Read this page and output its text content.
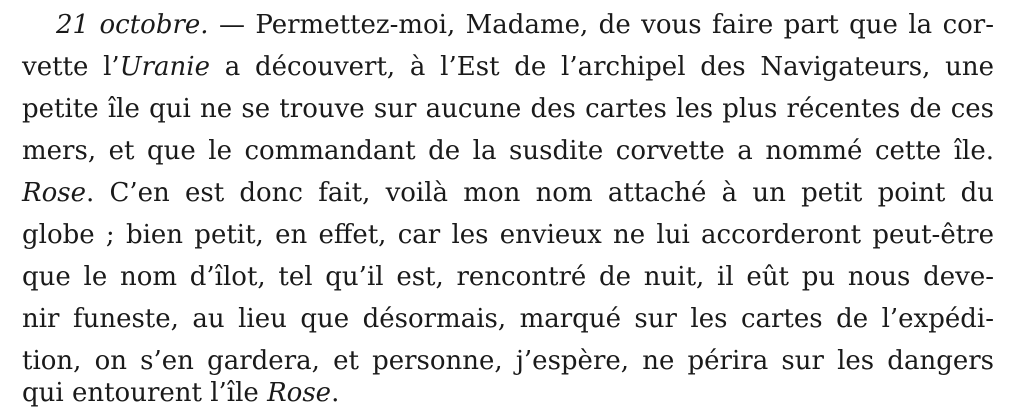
21 octobre. — Permettez-moi, Madame, de vous faire part que la cor-
vette l’Uranie a découvert, à l’Est de l’archipel des Navigateurs, une
petite île qui ne se trouve sur aucune des cartes les plus récentes de ces
mers, et que le commandant de la susdite corvette a nommé cette île.
Rose. C’en est donc fait, voilà mon nom attaché à un petit point du
globe ; bien petit, en effet, car les envieux ne lui accorderont peut-être
que le nom d’îlot, tel qu’il est, rencontré de nuit, il eût pu nous deve-
nir funeste, au lieu que désormais, marqué sur les cartes de l’expédi-
tion, on s’en gardera, et personne, j’espère, ne périra sur les dangers
qui entourent l’île Rose.
